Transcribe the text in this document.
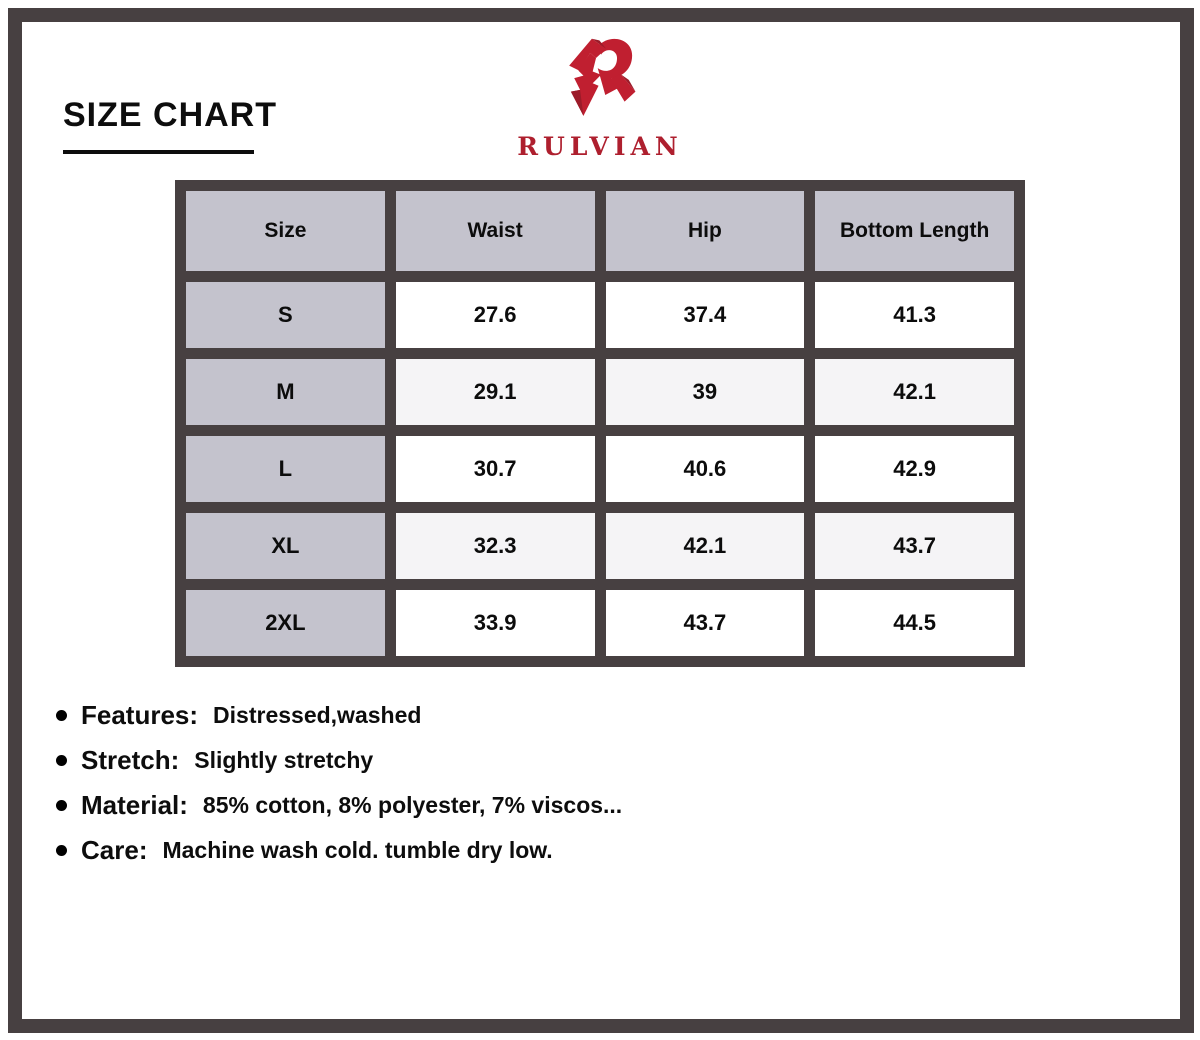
SIZE CHART
RULVIAN
Size	Waist	Hip	Bottom Length
S	27.6	37.4	41.3
M	29.1	39	42.1
L	30.7	40.6	42.9
XL	32.3	42.1	43.7
2XL	33.9	43.7	44.5
Features: Distressed,washed
Stretch: Slightly stretchy
Material: 85% cotton, 8% polyester, 7% viscos...
Care: Machine wash cold. tumble dry low.
